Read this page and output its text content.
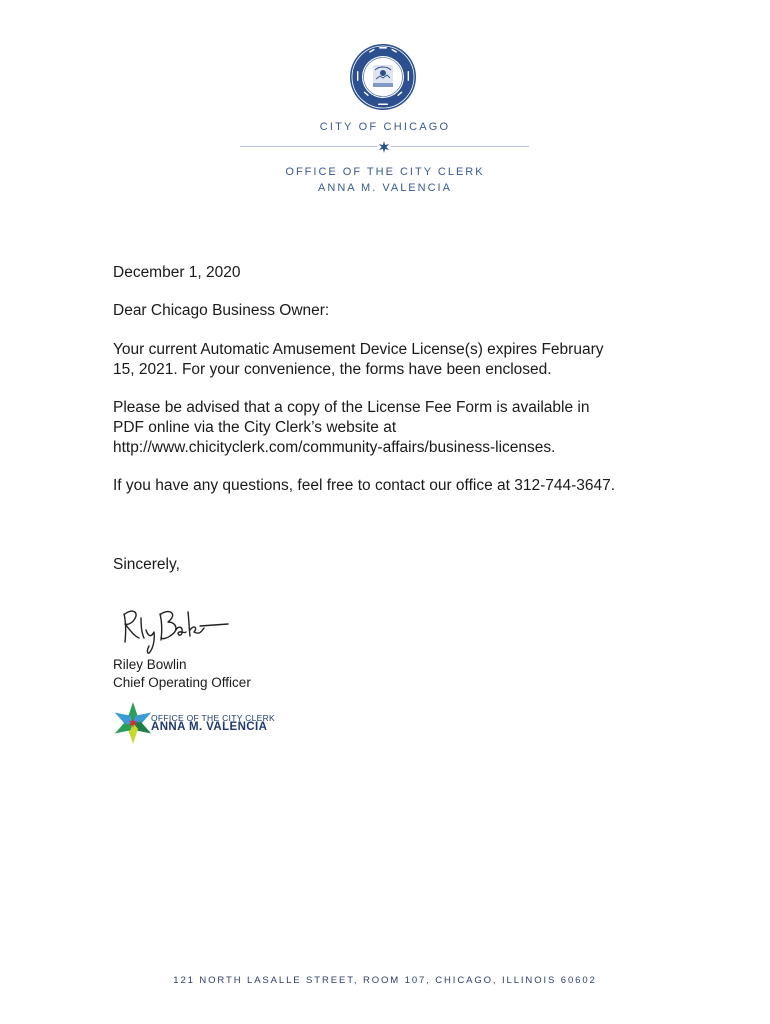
CITY OF CHICAGO
OFFICE OF THE CITY CLERK
ANNA M. VALENCIA
December 1, 2020
Dear Chicago Business Owner:
Your current Automatic Amusement Device License(s) expires February
15, 2021. For your convenience, the forms have been enclosed.
Please be advised that a copy of the License Fee Form is available in
PDF online via the City Clerk’s website at
http://www.chicityclerk.com/community-affairs/business-licenses.
If you have any questions, feel free to contact our office at 312-744-3647.
Sincerely,
Riley Bowlin
Chief Operating Officer
OFFICE OF THE CITY CLERK
ANNA M. VALENCIA
121 NORTH LASALLE STREET, ROOM 107, CHICAGO, ILLINOIS 60602
